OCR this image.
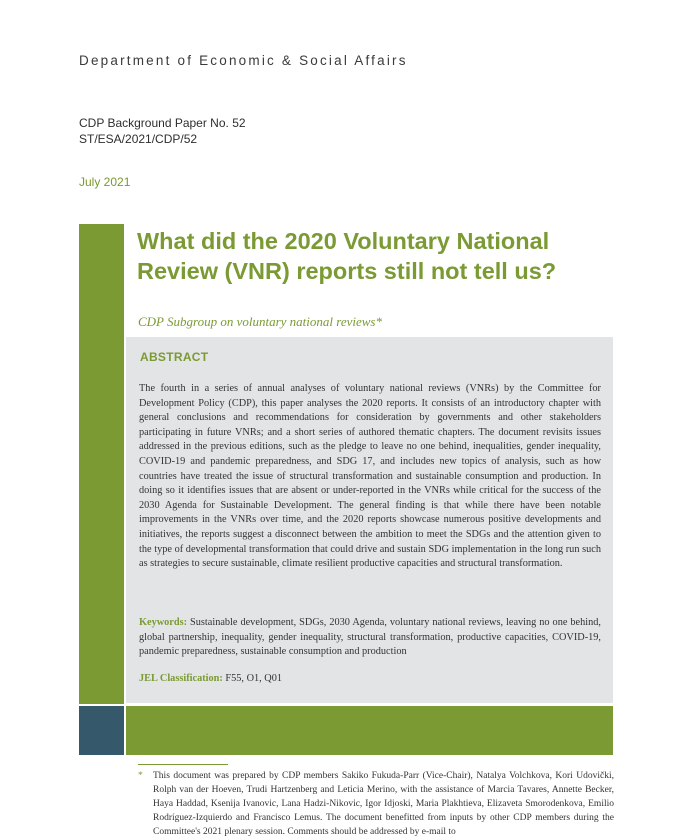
Department of Economic & Social Affairs
CDP Background Paper No. 52
ST/ESA/2021/CDP/52
July 2021
What did the 2020 Voluntary National
Review (VNR) reports still not tell us?
CDP Subgroup on voluntary national reviews*
ABSTRACT

The fourth in a series of annual analyses of voluntary national reviews (VNRs) by the Committee for Development Policy (CDP), this paper analyses the 2020 reports. It consists of an introductory chapter with general conclusions and recommendations for consideration by governments and other stakeholders participating in future VNRs; and a short series of authored thematic chapters. The document revisits issues addressed in the previous editions, such as the pledge to leave no one behind, inequalities, gender inequality, COVID-19 and pandemic preparedness, and SDG 17, and includes new topics of analysis, such as how countries have treated the issue of structural transformation and sustainable consumption and production. In doing so it identifies issues that are absent or under-reported in the VNRs while critical for the success of the 2030 Agenda for Sustainable Development. The general finding is that while there have been notable improvements in the VNRs over time, and the 2020 reports showcase numerous positive developments and initiatives, the reports suggest a disconnect between the ambition to meet the SDGs and the attention given to the type of developmental transformation that could drive and sustain SDG implementation in the long run such as strategies to secure sustainable, climate resilient productive capacities and structural transformation.

Keywords: Sustainable development, SDGs, 2030 Agenda, voluntary national reviews, leaving no one behind, global partnership, inequality, gender inequality, structural transformation, productive capacities, COVID-19, pandemic preparedness, sustainable consumption and production

JEL Classification: F55, O1, Q01

* This document was prepared by CDP members Sakiko Fukuda-Parr (Vice-Chair), Natalya Volchkova, Kori Udovički, Rolph van der Hoeven, Trudi Hartzenberg and Leticia Merino, with the assistance of Marcia Tavares, Annette Becker, Haya Haddad, Ksenija Ivanovic, Lana Hadzi-Nikovic, Igor Idjoski, Maria Plakhtieva, Elizaveta Smorodenkova, Emilio Rodríguez-Izquierdo and Francisco Lemus. The document benefitted from inputs by other CDP members during the Committee's 2021 plenary session. Comments should be addressed by e-mail to
